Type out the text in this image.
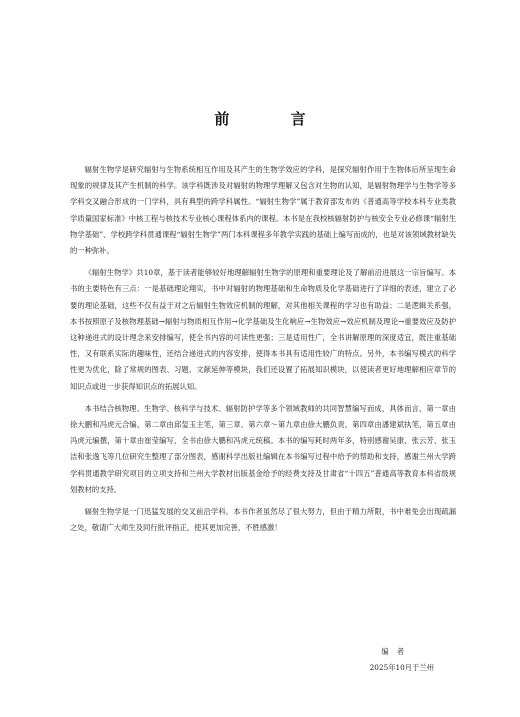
前 言

辐射生物学是研究辐射与生物系统相互作用及其产生的生物学效应的学科，是探究辐射作用于生物体后所呈现生命现象的规律及其产生机制的科学。该学科既涉及对辐射的物理学理解又包含对生物的认知，是辐射物理学与生物学等多学科交叉融合形成的一门学科，具有典型的跨学科属性。“辐射生物学”属于教育部发布的《普通高等学校本科专业类教学质量国家标准》中核工程与核技术专业核心课程体系内的课程。本书是在我校核辐射防护与核安全专业必修课“辐射生物学基础”、学校跨学科贯通课程“辐射生物学”两门本科课程多年教学实践的基础上编写而成的，也是对该领域教材缺失的一种弥补。

《辐射生物学》共10章，基于读者能够较好地理解辐射生物学的原理和重要理论及了解前沿进展这一宗旨编写。本书的主要特色有三点：一是基础理论翔实，书中对辐射的物理基础和生命物质及化学基础进行了详细的表述，建立了必要的理论基础，这些不仅有益于对之后辐射生物效应机制的理解，对其他相关课程的学习也有助益；二是逻辑关系强，本书按照原子及核物理基础→辐射与物质相互作用→化学基础及生化响应→生物效应→效应机制及理论→重要效应及防护这种递进式的设计理念来安排编写，使全书内容的可读性更强；三是适用性广，全书讲解原理的深度适宜，既注重基础性，又有联系实际的趣味性，还结合递进式的内容安排，使得本书具有适用性较广的特点。另外，本书编写模式的科学性更为优化，除了常规的图表、习题、文献延伸等模块，我们还设置了拓展知识模块，以使读者更好地理解相应章节的知识点或进一步获得知识点的拓展认知。

本书结合核物理、生物学、核科学与技术、辐射防护学等多个领域教师的共同智慧编写而成，具体而言，第一章由徐大鹏和冯虎元合编，第二章由邱玺玉主笔，第三章、第六章～第九章由徐大鹏负责，第四章由潘建斌执笔，第五章由冯虎元编撰，第十章由崔莹编写，全书由徐大鹏和冯虎元统稿。本书的编写耗时两年多，特别感谢吴康、张云芳、张玉洁和张逸飞等几位研究生整理了部分图表，感谢科学出版社编辑在本书编写过程中给予的帮助和支持，感谢兰州大学跨学科贯通教学研究项目的立项支持和兰州大学教材出版基金给予的经费支持及甘肃省“十四五”普通高等教育本科省级规划教材的支持。

辐射生物学是一门迅猛发展的交叉前沿学科。本书作者虽然尽了很大努力，但由于精力所限，书中难免会出现疏漏之处，敬请广大师生及同行批评指正，使其更加完善，不胜感激！

编者
2025年10月于兰州
